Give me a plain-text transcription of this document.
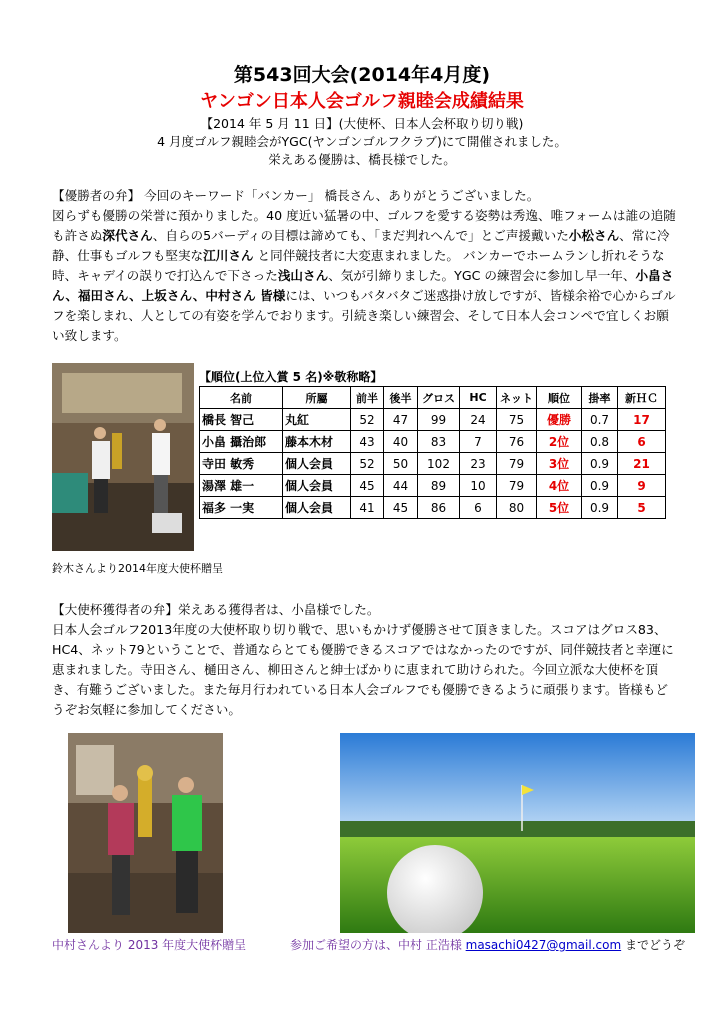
第543回大会(2014年4月度)
ヤンゴン日本人会ゴルフ親睦会成績結果
【2014 年 5 月 11 日】(大使杯、日本人会杯取り切り戦)
4 月度ゴルフ親睦会がYGC(ヤンゴンゴルフクラブ)にて開催されました。
栄えある優勝は、橋長様でした。
【優勝者の弁】 今回のキーワード「バンカー」 橋長さん、ありがとうございました。
図らずも優勝の栄誉に預かりました。40 度近い猛暑の中、ゴルフを愛する姿勢は秀逸、唯フォームは誰の追随も許さぬ深代さん、自らの5バーディの目標は諦めても、「まだ判れへんで」とご声援戴いた小松さん、常に冷静、仕事もゴルフも堅実な江川さん と同伴競技者に大変恵まれました。 バンカーでホームランし折れそうな時、キャデイの誤りで打込んで下さった浅山さん、気が引締りました。YGC の練習会に参加し早一年、小畠さん、福田さん、上坂さん、中村さん 皆様には、いつもバタバタご迷惑掛け放しですが、皆様余裕で心からゴルフを楽しまれ、人としての有姿を学んでおります。引続き楽しい練習会、そして日本人会コンペで宜しくお願い致します。
鈴木さんより2014年度大使杯贈呈
【順位(上位入賞 5 名)※敬称略】
名前	所屬	前半	後半	グロス	HC	ネット	順位	掛率	新ＨＣ
橋長 智己	丸紅	52	47	99	24	75	優勝	0.7	17
小畠 攝治郎	藤本木材	43	40	83	7	76	2位	0.8	6
寺田 敏秀	個人会員	52	50	102	23	79	3位	0.9	21
湯澤 雄一	個人会員	45	44	89	10	79	4位	0.9	9
福多 一実	個人会員	41	45	86	6	80	5位	0.9	5
【大使杯獲得者の弁】栄えある獲得者は、小畠様でした。
日本人会ゴルフ2013年度の大使杯取り切り戦で、思いもかけず優勝させて頂きました。スコアはグロス83、HC4、ネット79ということで、普通ならとても優勝できるスコアではなかったのですが、同伴競技者と幸運に恵まれました。寺田さん、樋田さん、柳田さんと紳士ばかりに恵まれて助けられた。今回立派な大使杯を頂き、有難うございました。また毎月行われている日本人会ゴルフでも優勝できるように頑張ります。皆様もどうぞお気軽に参加してください。
中村さんより 2013 年度大使杯贈呈	参加ご希望の方は、中村 正浩様 masachi0427@gmail.com までどうぞ
